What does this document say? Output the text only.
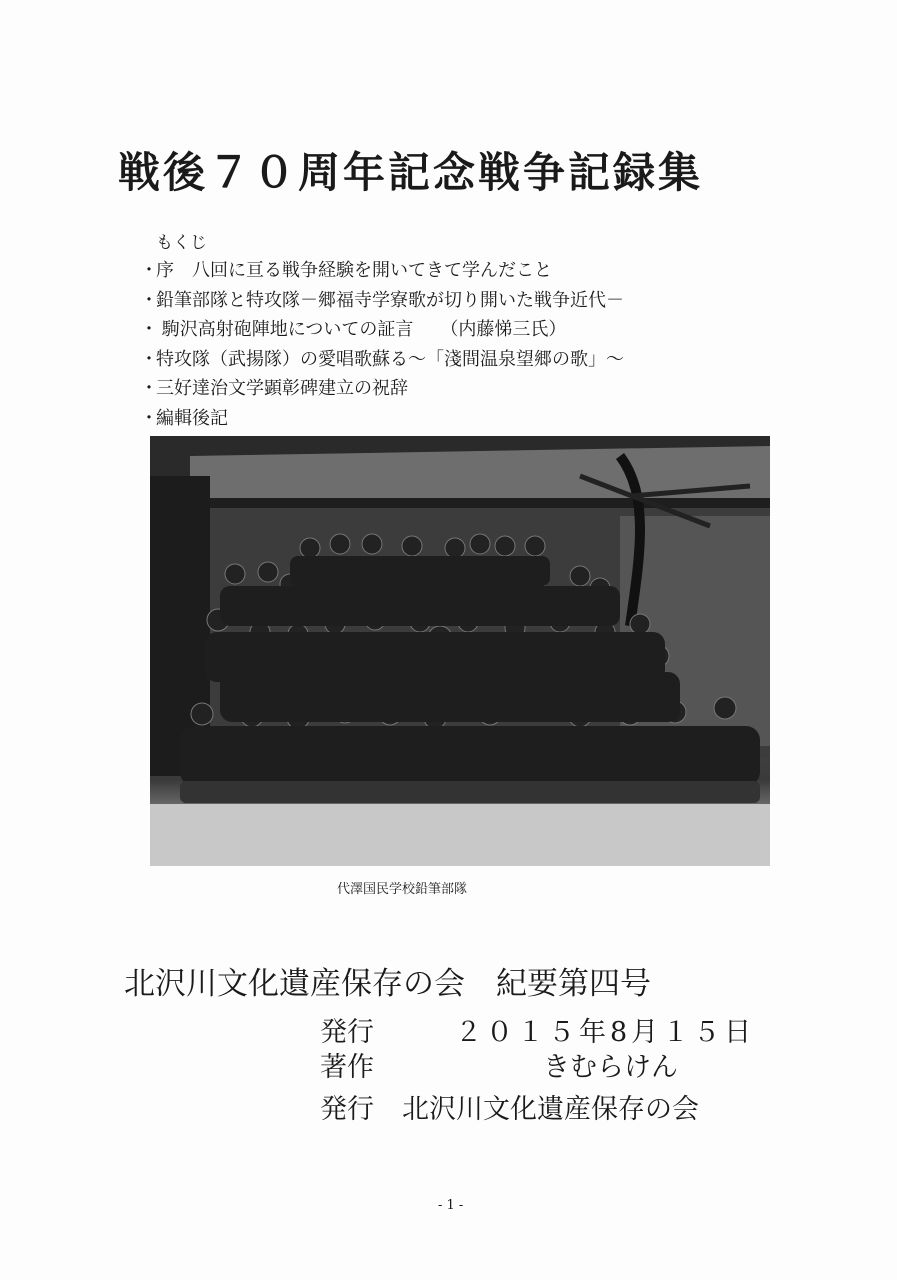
戦後７０周年記念戦争記録集
もくじ
・序　八回に亘る戦争経験を開いてきて学んだこと
・鉛筆部隊と特攻隊－郷福寺学寮歌が切り開いた戦争近代－
・ 駒沢高射砲陣地についての証言　　（内藤悌三氏）
・特攻隊（武揚隊）の愛唱歌蘇る～「淺間温泉望郷の歌」～
・三好達治文学顕彰碑建立の祝辞
・編輯後記
代澤国民学校鉛筆部隊
北沢川文化遺産保存の会　紀要第四号
発行	２０１５年8月１５日
著作	きむらけん
発行 北沢川文化遺産保存の会
- 1 -
